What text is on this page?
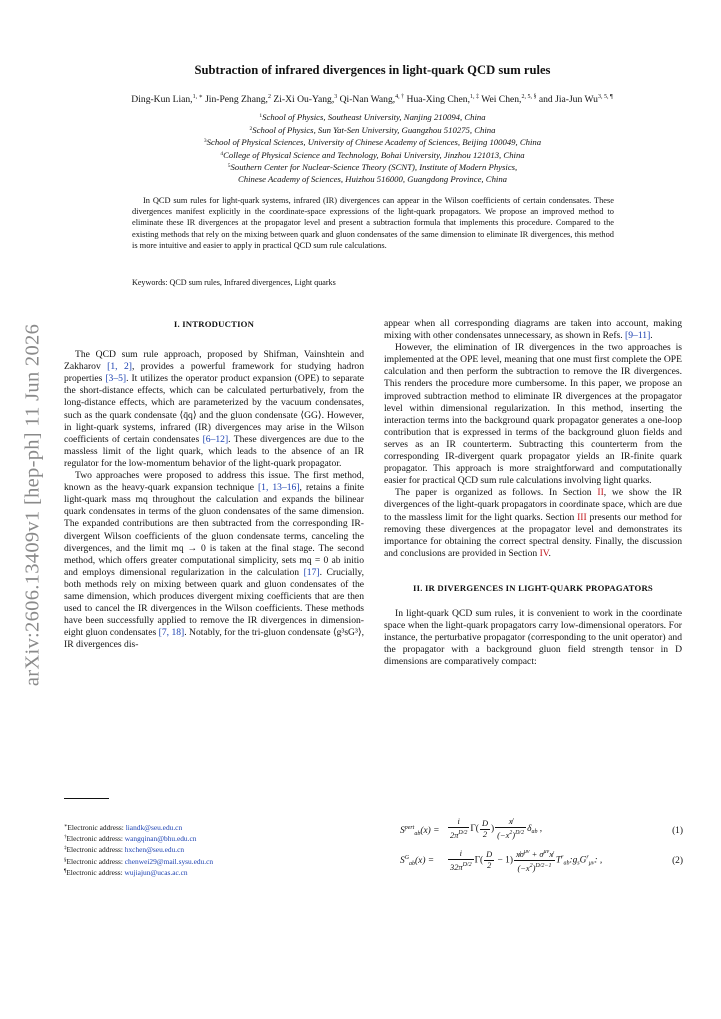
arXiv:2606.13409v1 [hep-ph] 11 Jun 2026
Subtraction of infrared divergences in light-quark QCD sum rules
Ding-Kun Lian,$^{1, ∗}$ Jin-Peng Zhang,$^2$ Zi-Xi Ou-Yang,$^3$ Qi-Nan Wang,$^{4, \dagger}$ Hua-Xing Chen,$^{1, \ddagger}$ Wei Chen,$^{2, 5, \S}$ and Jia-Jun $Wu^{3, 5, \P}$
$^1$School of Physics, Southeast University, Nanjing 210094, China
$^2$School of Physics, Sun Yat-Sen University, Guangzhou 510275, China
$^3$School of Physical Sciences, University of Chinese Academy of Sciences, Beijing 100049, China
$^4$College of Physical Science and Technology, Bohai University, Jinzhou 121013, China
$^5$Southern Center for Nuclear-Science Theory (SCNT), Institute of Modern Physics,
Chinese Academy of Sciences, Huizhou 516000, Guangdong Province, China
In QCD sum rules for light-quark systems, infrared (IR) divergences can appear in the Wilson coefficients of certain condensates. These divergences manifest explicitly in the coordinate-space expressions of the light-quark propagators. We propose an improved method to eliminate these IR divergences at the propagator level and present a subtraction formula that implements this procedure. Compared to the existing methods that rely on the mixing between quark and gluon condensates of the same dimension to eliminate IR divergences, this method is more intuitive and easier to apply in practical QCD sum rule calculations.
Keywords: QCD sum rules, Infrared divergences, Light quarks
I. INTRODUCTION

The QCD sum rule approach, proposed by Shifman, Vainshtein and Zakharov [1, 2], provides a powerful framework for studying hadron properties [3–5]. It utilizes the operator product expansion (OPE) to separate the short-distance effects, which can be calculated perturbatively, from the long-distance effects, which are parameterized by the vacuum condensates, such as the quark condensate ⟨q̄q⟩ and the gluon condensate ⟨GG⟩. However, in light-quark systems, infrared (IR) divergences may arise in the Wilson coefficients of certain condensates [6–12]. These divergences are due to the massless limit of the light quark, which leads to the absence of an IR regulator for the low-momentum behavior of the light-quark propagator.

Two approaches were proposed to address this issue. The first method, known as the heavy-quark expansion technique [1, 13–16], retains a finite light-quark mass mq throughout the calculation and expands the bilinear quark condensates in terms of the gluon condensates of the same dimension. The expanded contributions are then subtracted from the corresponding IR-divergent Wilson coefficients of the gluon condensate terms, canceling the divergences, and the limit mq → 0 is taken at the final stage. The second method, which offers greater computational simplicity, sets mq = 0 ab initio and employs dimensional regularization in the calculation [17]. Crucially, both methods rely on mixing between quark and gluon condensates of the same dimension, which produces divergent mixing coefficients that are then used to cancel the IR divergences in the Wilson coefficients. These methods have been successfully applied to remove the IR divergences in dimension-eight gluon condensates [7, 18]. Notably, for the tri-gluon condensate ⟨g³sG³⟩, IR divergences dis-

appear when all corresponding diagrams are taken into account, making mixing with other condensates unnecessary, as shown in Refs. [9–11].

However, the elimination of IR divergences in the two approaches is implemented at the OPE level, meaning that one must first complete the OPE calculation and then perform the subtraction to remove the IR divergences. This renders the procedure more cumbersome. In this paper, we propose an improved subtraction method to eliminate IR divergences at the propagator level within dimensional regularization. In this method, inserting the interaction terms into the background quark propagator generates a one-loop contribution that is expressed in terms of the background gluon fields and serves as an IR counterterm. Subtracting this counterterm from the corresponding IR-divergent quark propagator yields an IR-finite quark propagator. This approach is more straightforward and computationally easier for practical QCD sum rule calculations involving light quarks.

The paper is organized as follows. In Section II, we show the IR divergences of the light-quark propagators in coordinate space, which are due to the massless limit for the light quarks. Section III presents our method for removing these divergences at the propagator level and demonstrates its importance for obtaining the correct spectral density. Finally, the discussion and conclusions are provided in Section IV.

II. IR DIVERGENCES IN LIGHT-QUARK PROPAGATORS

In light-quark QCD sum rules, it is convenient to work in the coordinate space when the light-quark propagators carry low-dimensional operators. For instance, the perturbative propagator (corresponding to the unit operator) and the propagator with a background gluon field strength tensor in D dimensions are comparatively compact:

∗Electronic address: liandk@seu.edu.cn
†Electronic address: wangqinan@bhu.edu.cn
‡Electronic address: hxchen@seu.edu.cn
§Electronic address: chenwei29@mail.sysu.edu.cn
¶Electronic address: wujiajun@ucas.ac.cn
$S^{pert}_{ab}(x) = \frac{i}{2\pi^{D/2}} \Gamma( \frac{D}{2}$ ) $\frac{x̸}{(-x^2)^{D/2}} \delta_{ab}$ ,	(1)
$S^G_{ab}(x) = \frac{i}{32\pi^{D/2}} \Gamma( \frac{D}{2} - 1) \frac{x̸\sigma^{\mu\nu} + \sigma^{\mu\nu}x̸}{(-x^2)^{D/2-1}}$ $T^r_{ab}:g_sG^r_{\mu\nu}$: ,	(2)
